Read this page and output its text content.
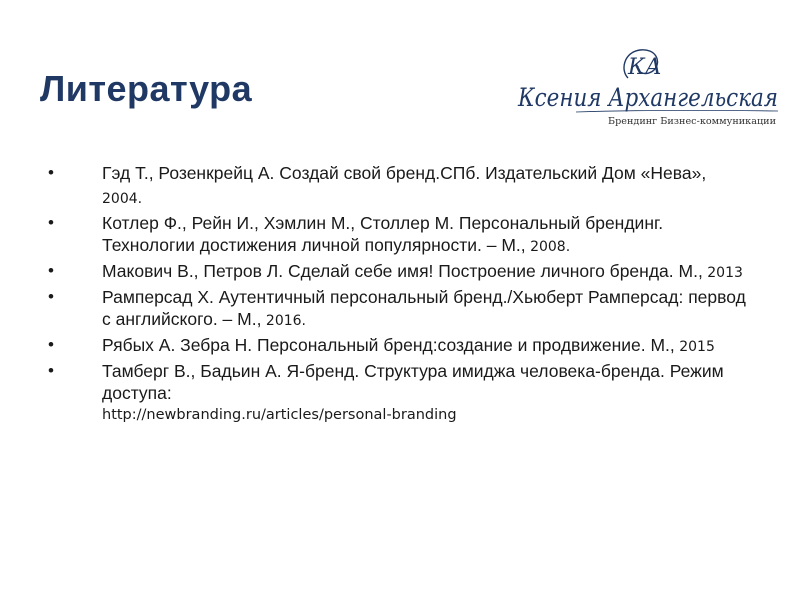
Литература
КА
Ксения Архангельская
Брендинг Бизнес-коммуникации
•	Гэд Т., Розенкрейц А. Создай свой бренд.СПб. Издательский Дом «Нева», 2004.
•	Котлер Ф., Рейн И., Хэмлин М., Столлер М. Персональный брендинг. Технологии достижения личной популярности. – М., 2008.
•	Макович В., Петров Л. Сделай себе имя! Построение личного бренда. М., 2013
•	Рамперсад Х. Аутентичный персональный бренд./Хьюберт Рамперсад: первод с английского. – М., 2016.
•	Рябых А. Зебра Н. Персональный бренд:создание и продвижение. М., 2015
•	Тамберг В., Бадьин А. Я-бренд. Структура имиджа человека-бренда. Режим доступа:
http://newbranding.ru/articles/personal-branding
